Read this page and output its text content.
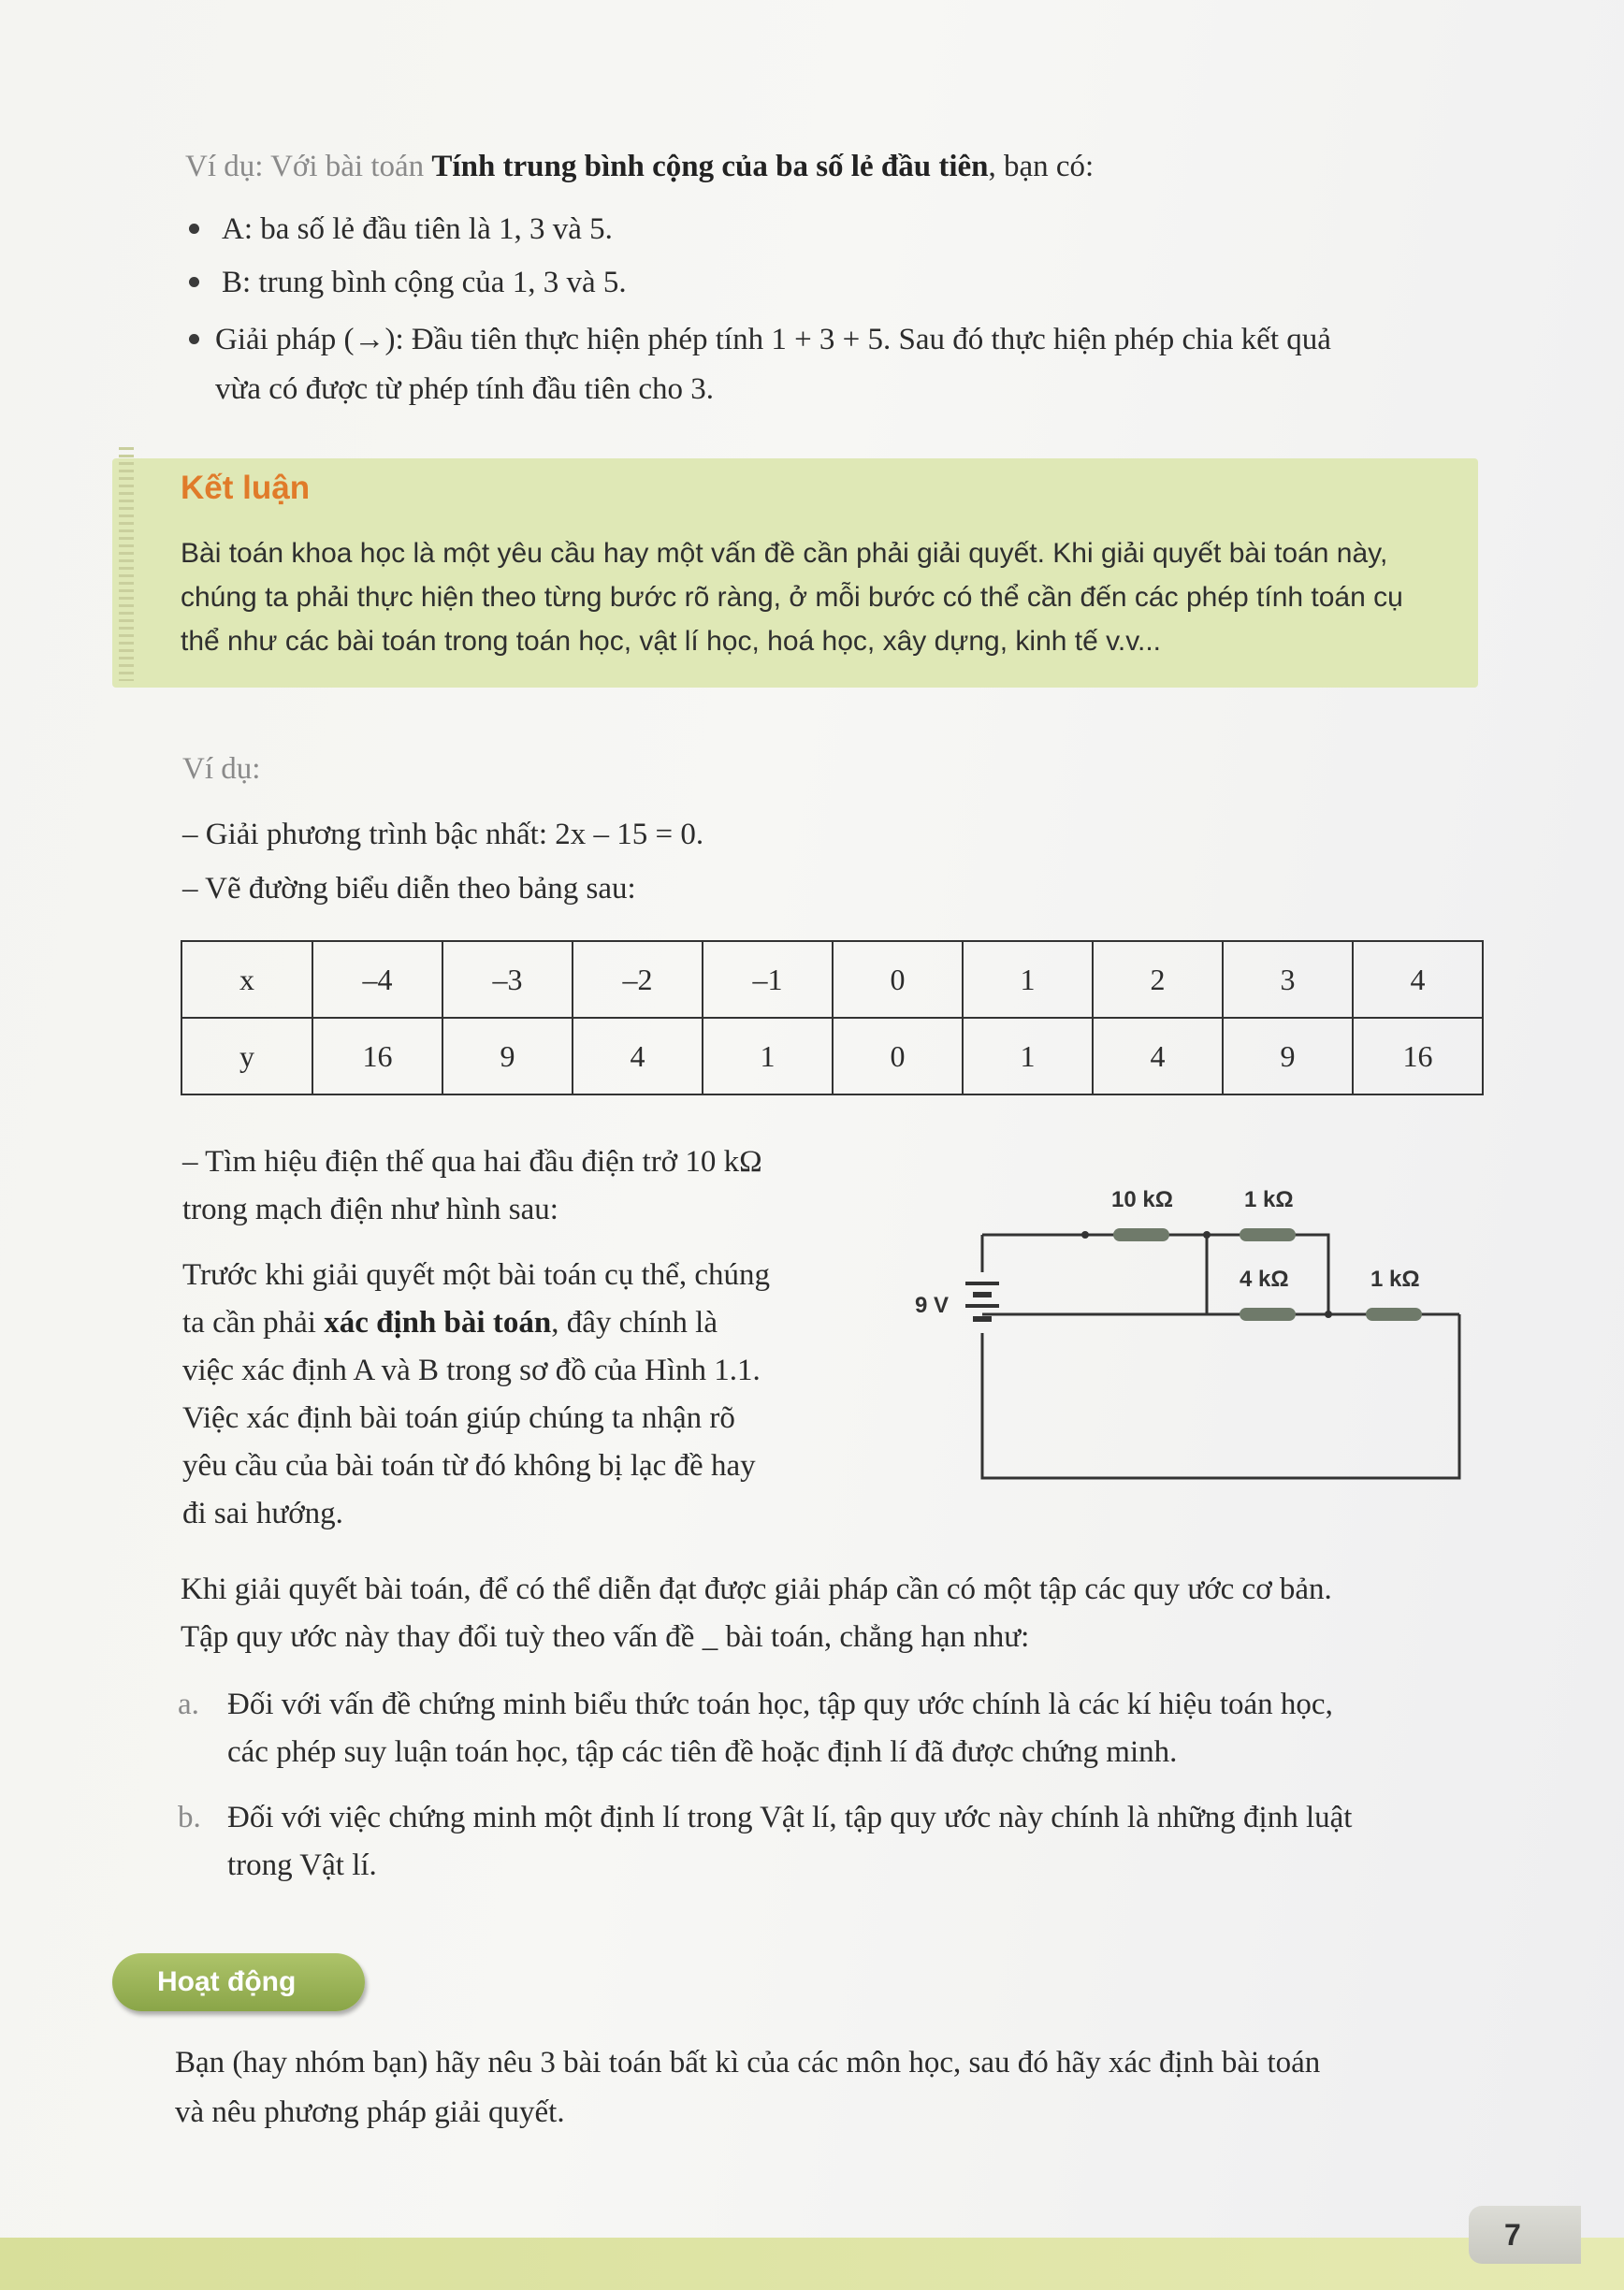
Ví dụ: Với bài toán Tính trung bình cộng của ba số lẻ đầu tiên, bạn có:
A: ba số lẻ đầu tiên là 1, 3 và 5.
B: trung bình cộng của 1, 3 và 5.
Giải pháp (→): Đầu tiên thực hiện phép tính 1 + 3 + 5. Sau đó thực hiện phép chia kết quả
vừa có được từ phép tính đầu tiên cho 3.
Kết luận
Bài toán khoa học là một yêu cầu hay một vấn đề cần phải giải quyết. Khi giải quyết bài toán này,
chúng ta phải thực hiện theo từng bước rõ ràng, ở mỗi bước có thể cần đến các phép tính toán cụ
thể như các bài toán trong toán học, vật lí học, hoá học, xây dựng, kinh tế v.v...
Ví dụ:
– Giải phương trình bậc nhất: 2x – 15 = 0.
– Vẽ đường biểu diễn theo bảng sau:
x	–4	–3	–2	–1	0	1	2	3	4
y	16	9	4	1	0	1	4	9	16
– Tìm hiệu điện thế qua hai đầu điện trở 10 kΩ
trong mạch điện như hình sau:
Trước khi giải quyết một bài toán cụ thể, chúng
ta cần phải xác định bài toán, đây chính là
việc xác định A và B trong sơ đồ của Hình 1.1.
Việc xác định bài toán giúp chúng ta nhận rõ
yêu cầu của bài toán từ đó không bị lạc đề hay
đi sai hướng.
10 kΩ	1 kΩ
4 kΩ	1 kΩ
9 V
Khi giải quyết bài toán, để có thể diễn đạt được giải pháp cần có một tập các quy ước cơ bản.
Tập quy ước này thay đổi tuỳ theo vấn đề _ bài toán, chẳng hạn như:
a. Đối với vấn đề chứng minh biểu thức toán học, tập quy ước chính là các kí hiệu toán học,
các phép suy luận toán học, tập các tiên đề hoặc định lí đã được chứng minh.
b. Đối với việc chứng minh một định lí trong Vật lí, tập quy ước này chính là những định luật
trong Vật lí.
Hoạt động
Bạn (hay nhóm bạn) hãy nêu 3 bài toán bất kì của các môn học, sau đó hãy xác định bài toán
và nêu phương pháp giải quyết.
7
